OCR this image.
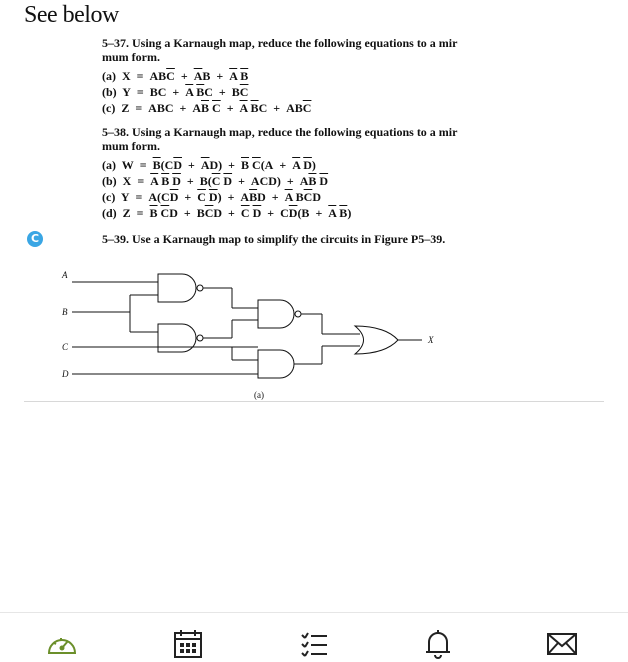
See below
5–37. Using a Karnaugh map, reduce the following equations to a mir
mum form.
(a)  $X = AB\overline{C} + \overline{A}B + \overline{A}$ $\overline{B}$
(b)  Y  =  BC  +  $\overline{A}$ $\overline{B}C + B\overline{C}$
(c)  Z  =  ABC  +  $A\overline{B}$ $\overline{C} + \overline{A}$ $\overline{B}C + AB\overline{C}$
5–38. Using a Karnaugh map, reduce the following equations to a mir
mum form.
(a)  $W = \overline{B}(C\overline{D} + \overline{A}D) + \overline{B}$ $\overline{C}(A + \overline{A}$ $\overline{D}$)
(b)  $X = \overline{A}$ $\overline{B}$ $\overline{D} + B(\overline{C}$ $\overline{D} + ACD) + A\overline{B}$ $\overline{D}$
(c)  $Y = A(C\overline{D} + \overline{C}$ $\overline{D}) + A\overline{B}D + \overline{A}$ $B\overline{C}D$
(d)  $Z = \overline{B}$ $\overline{C}D + B\overline{C}D + \overline{C}$ $\overline{D} + C\overline{D}(B + \overline{A}$ $\overline{B}$)
C	5–39. Use a Karnaugh map to simplify the circuits in Figure P5–39.
A
B
C
D
X
(a)
